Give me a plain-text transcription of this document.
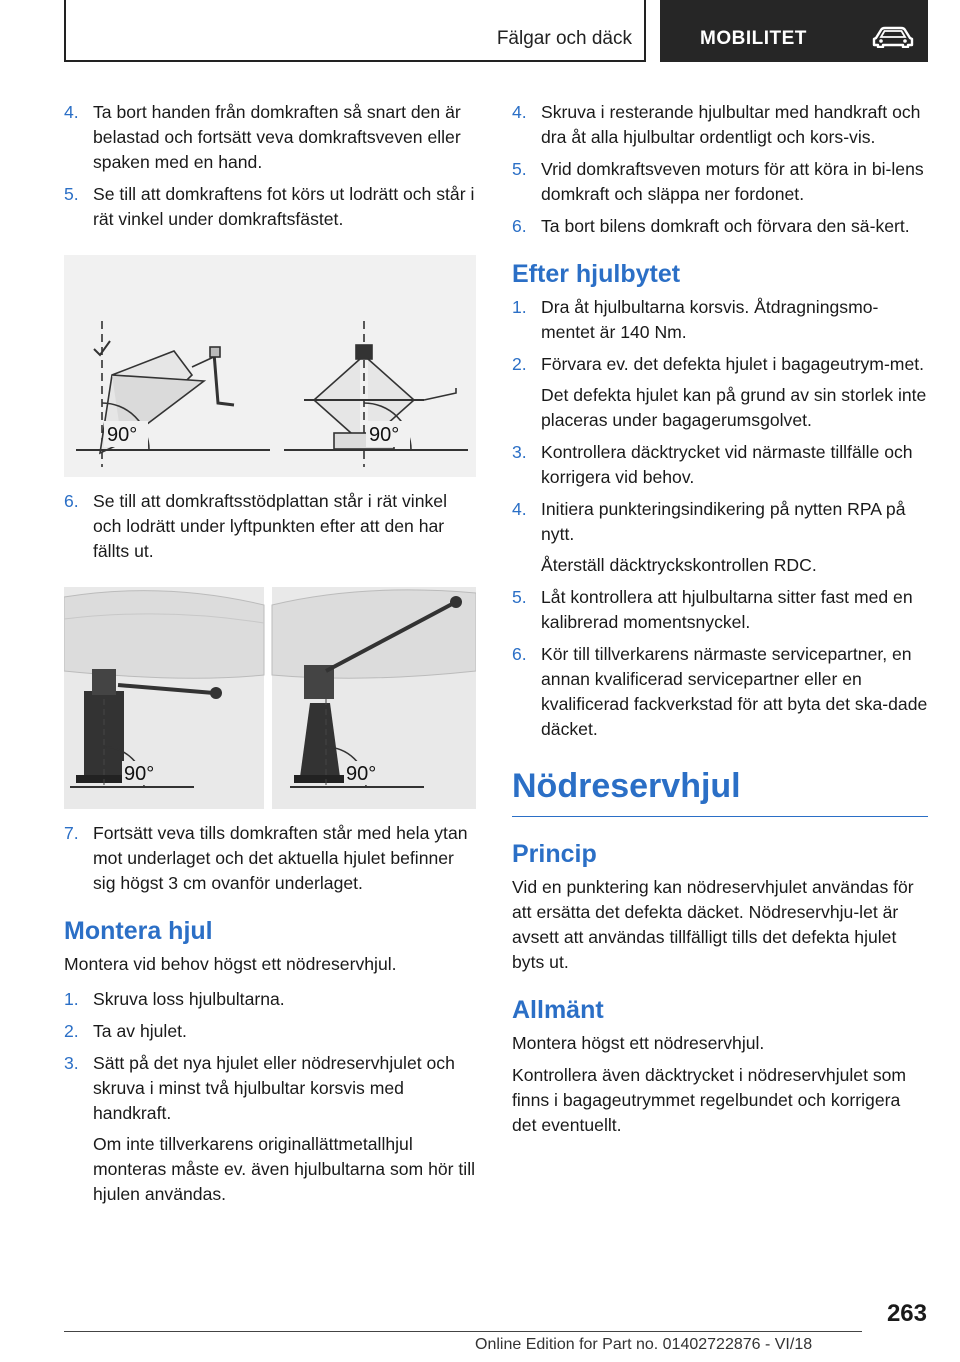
Fälgar och däck	MOBILITET
4. Ta bort handen från domkraften så snart den är belastad och fortsätt veva domkraftsveven eller spaken med en hand.
5. Se till att domkraftens fot körs ut lodrätt och står i rät vinkel under domkraftsfästet.
90°	90°
6. Se till att domkraftsstödplattan står i rät vinkel och lodrätt under lyftpunkten efter att den har fällts ut.
90°	90°
7. Fortsätt veva tills domkraften står med hela ytan mot underlaget och det aktuella hjulet befinner sig högst 3 cm ovanför underlaget.
Montera hjul

Montera vid behov högst ett nödreservhjul.

1. Skruva loss hjulbultarna.
2. Ta av hjulet.
3. Sätt på det nya hjulet eller nödreservhjulet och skruva i minst två hjulbultar korsvis med handkraft.
Om inte tillverkarens originallättmetallhjul monteras måste ev. även hjulbultarna som hör till hjulen användas.
4. Skruva i resterande hjulbultar med handkraft och dra åt alla hjulbultar ordentligt och kors-vis.
5. Vrid domkraftsveven moturs för att köra in bi-lens domkraft och släppa ner fordonet.
6. Ta bort bilens domkraft och förvara den sä-kert.
Efter hjulbytet
1. Dra åt hjulbultarna korsvis. Åtdragningsmo-mentet är 140 Nm.
2. Förvara ev. det defekta hjulet i bagageutrym-met.
Det defekta hjulet kan på grund av sin storlek inte placeras under bagagerumsgolvet.
3. Kontrollera däcktrycket vid närmaste tillfälle och korrigera vid behov.
4. Initiera punkteringsindikering på nytten RPA på nytt.
Återställ däcktryckskontrollen RDC.
5. Låt kontrollera att hjulbultarna sitter fast med en kalibrerad momentsnyckel.
6. Kör till tillverkarens närmaste servicepartner, en annan kvalificerad servicepartner eller en kvalificerad fackverkstad för att byta det ska-dade däcket.
Nödreservhjul
Princip

Vid en punktering kan nödreservhjulet användas för att ersätta det defekta däcket. Nödreservhju-let är avsett att användas tillfälligt tills det defekta hjulet byts ut.

Allmänt

Montera högst ett nödreservhjul.

Kontrollera även däcktrycket i nödreservhjulet som finns i bagageutrymmet regelbundet och korrigera det eventuellt.

263
Online Edition for Part no. 01402722876 - VI/18
